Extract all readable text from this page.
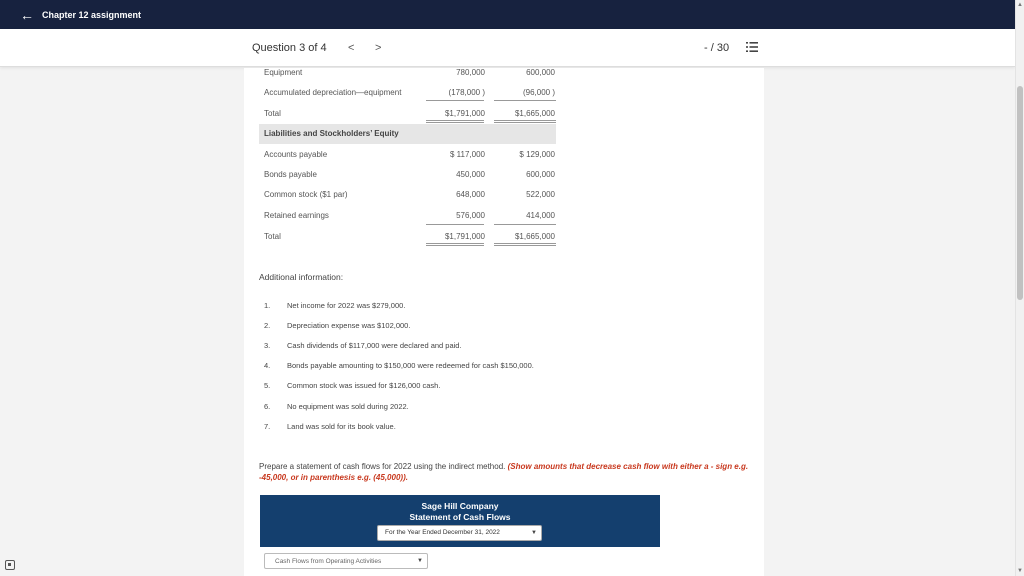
← Chapter 12 assignment
Question 3 of 4 < >	- / 30
Equipment	780,000	600,000
Accumulated depreciation—equipment	(178,000 )	(96,000 )
Total	$1,791,000	$1,665,000
Liabilities and Stockholders’ Equity
Accounts payable	$ 117,000	$ 129,000
Bonds payable	450,000	600,000
Common stock ($1 par)	648,000	522,000
Retained earnings	576,000	414,000
Total	$1,791,000	$1,665,000
Additional information:
1.	Net income for 2022 was $279,000.
2.	Depreciation expense was $102,000.
3.	Cash dividends of $117,000 were declared and paid.
4.	Bonds payable amounting to $150,000 were redeemed for cash $150,000.
5.	Common stock was issued for $126,000 cash.
6.	No equipment was sold during 2022.
7.	Land was sold for its book value.
Prepare a statement of cash flows for 2022 using the indirect method. (Show amounts that decrease cash flow with either a - sign e.g. -45,000, or in parenthesis e.g. (45,000)).
Sage Hill Company
Statement of Cash Flows
For the Year Ended December 31, 2022	▼
Cash Flows from Operating Activities	▼
▲
▼
